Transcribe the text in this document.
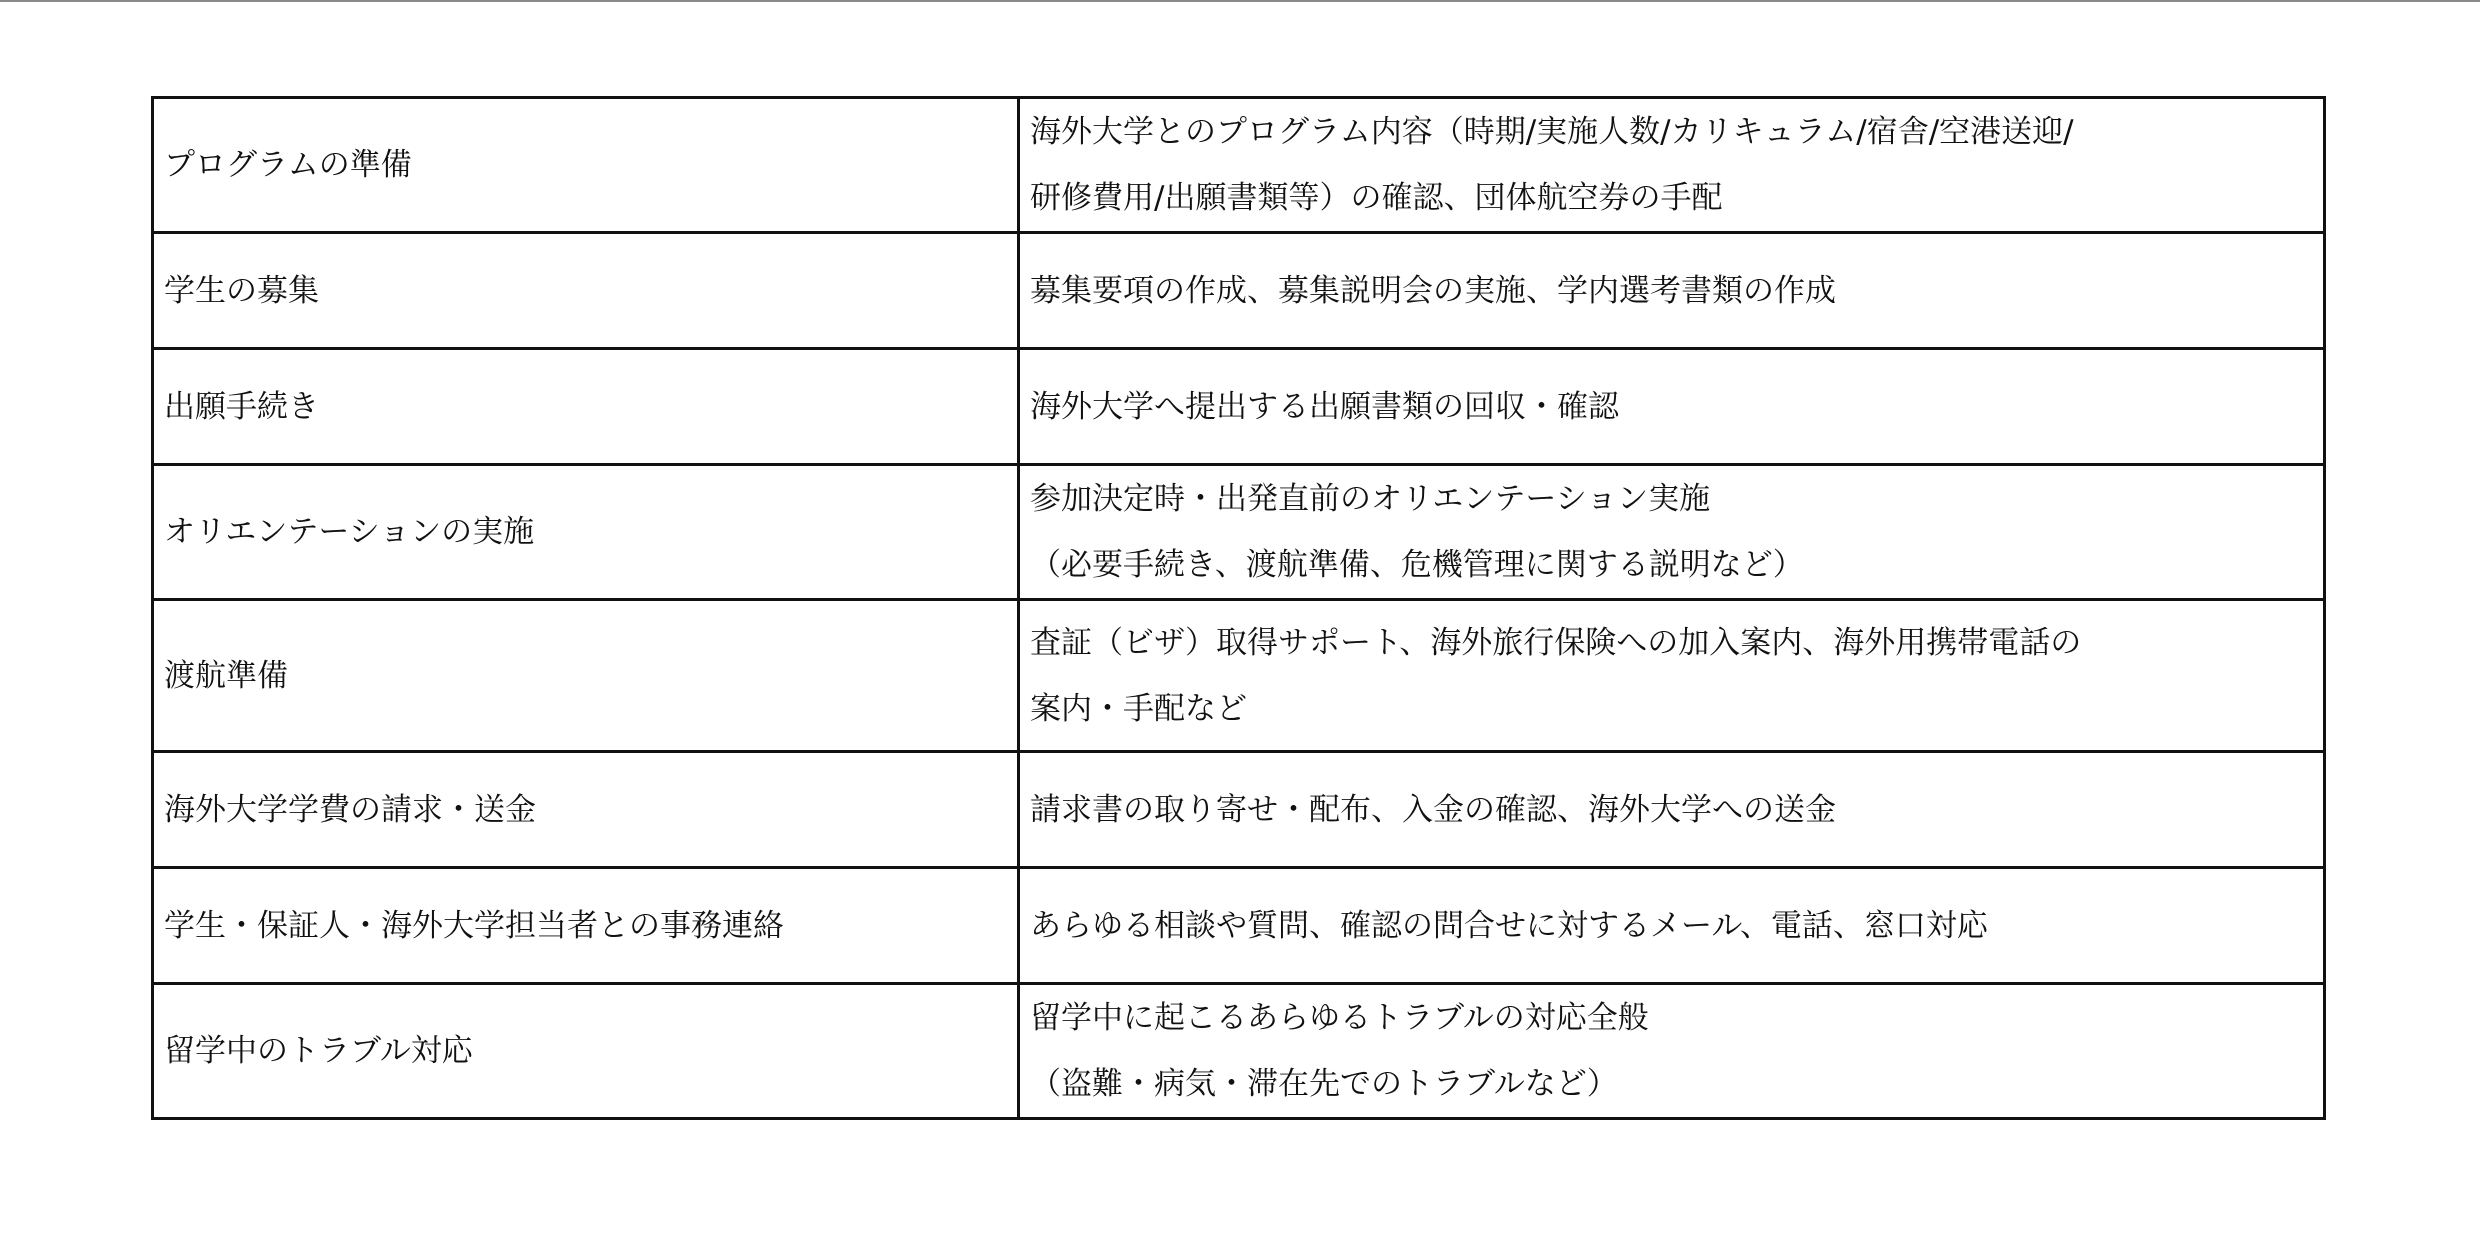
プログラムの準備	海外大学とのプログラム内容（時期/実施人数/カリキュラム/宿舎/空港送迎/
研修費用/出願書類等）の確認、団体航空券の手配

学生の募集	募集要項の作成、募集説明会の実施、学内選考書類の作成

出願手続き	海外大学へ提出する出願書類の回収・確認

オリエンテーションの実施	参加決定時・出発直前のオリエンテーション実施
（必要手続き、渡航準備、危機管理に関する説明など）

渡航準備	査証（ビザ）取得サポート、海外旅行保険への加入案内、海外用携帯電話の
案内・手配など

海外大学学費の請求・送金	請求書の取り寄せ・配布、入金の確認、海外大学への送金

学生・保証人・海外大学担当者との事務連絡	あらゆる相談や質問、確認の問合せに対するメール、電話、窓口対応

留学中のトラブル対応	留学中に起こるあらゆるトラブルの対応全般
（盗難・病気・滞在先でのトラブルなど）
